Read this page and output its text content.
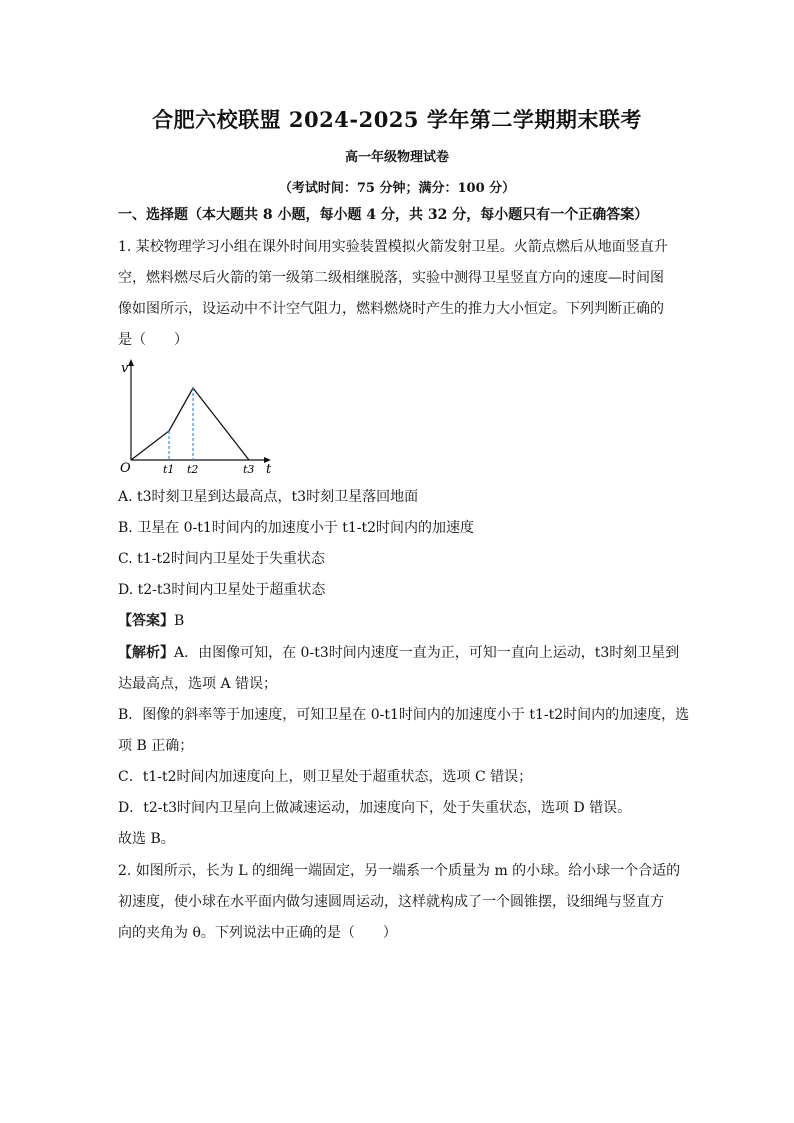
合肥六校联盟 2024-2025 学年第二学期期末联考
高一年级物理试卷
（考试时间：75 分钟；满分：100 分）
一、选择题（本大题共 8 小题，每小题 4 分，共 32 分，每小题只有一个正确答案）
1. 某校物理学习小组在课外时间用实验装置模拟火箭发射卫星。火箭点燃后从地面竖直升
空，燃料燃尽后火箭的第一级第二级相继脱落，实验中测得卫星竖直方向的速度—时间图
像如图所示，设运动中不计空气阻力，燃料燃烧时产生的推力大小恒定。下列判断正确的
是（　　）
v
t
O	t1 t2	t3
A. t3时刻卫星到达最高点，t3时刻卫星落回地面
B. 卫星在 0-t1时间内的加速度小于 t1-t2时间内的加速度
C. t1-t2时间内卫星处于失重状态
D. t2-t3时间内卫星处于超重状态
【答案】B
【解析】A．由图像可知，在 0-t3时间内速度一直为正，可知一直向上运动，t3时刻卫星到
达最高点，选项 A 错误；
B．图像的斜率等于加速度，可知卫星在 0-t1时间内的加速度小于 t1-t2时间内的加速度，选
项 B 正确；
C．t1-t2时间内加速度向上，则卫星处于超重状态，选项 C 错误；
D．t2-t3时间内卫星向上做减速运动，加速度向下，处于失重状态，选项 D 错误。
故选 B。
2. 如图所示，长为 L 的细绳一端固定，另一端系一个质量为 m 的小球。给小球一个合适的
初速度，使小球在水平面内做匀速圆周运动，这样就构成了一个圆锥摆，设细绳与竖直方
向的夹角为 θ。下列说法中正确的是（　　）
